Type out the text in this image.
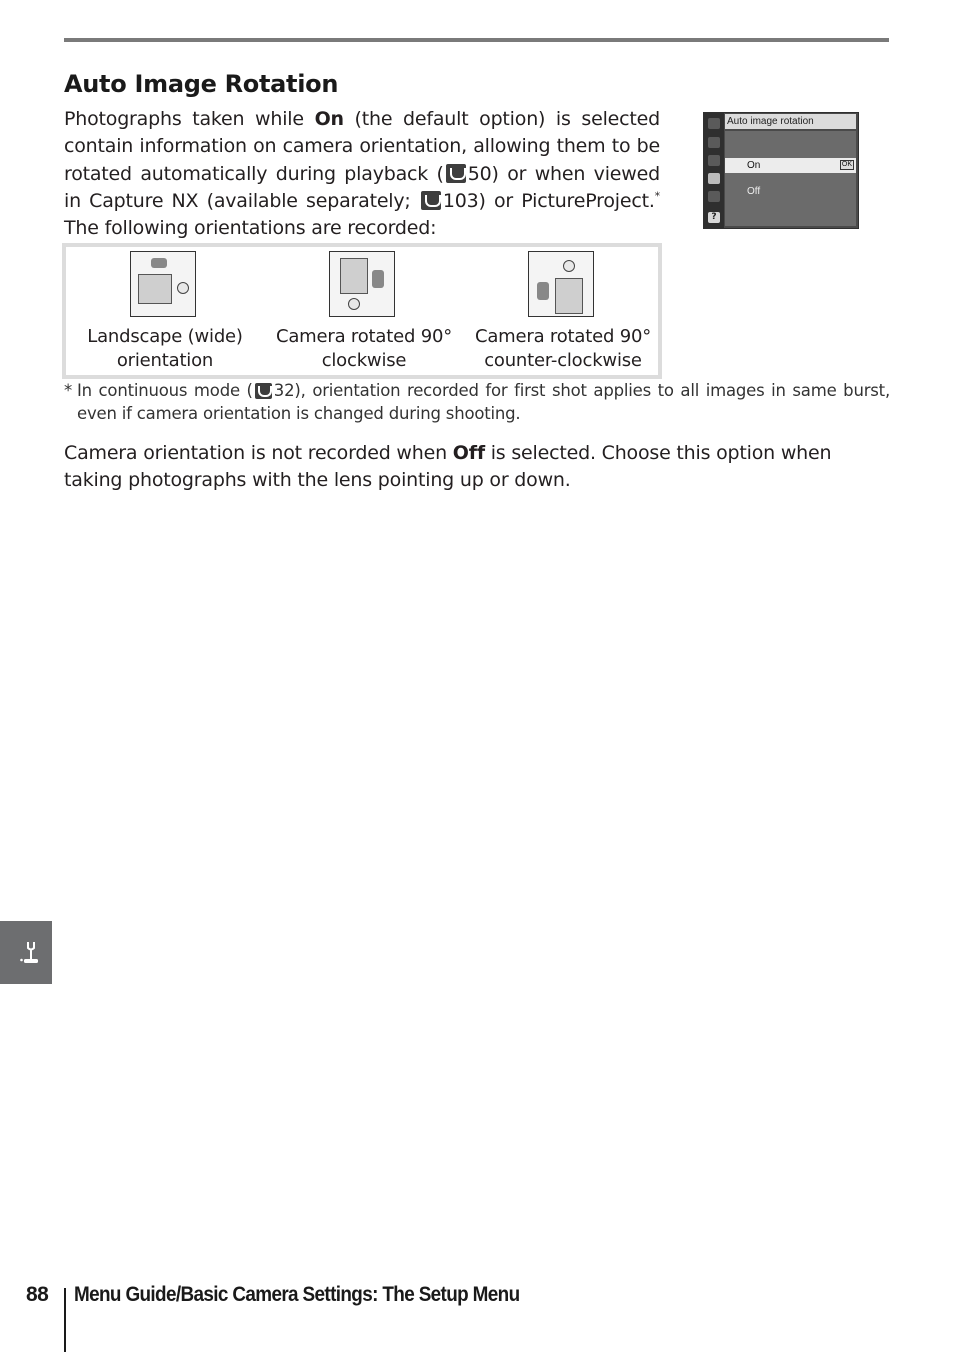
Auto Image Rotation

Photographs taken while On (the default option) is selected contain information on camera orientation, allowing them to be rotated automatically during playback ( 50) or when viewed in Capture NX (available separately; 103) or PictureProject.* The following orientations are recorded:

?
Auto image rotation
On	OK
Off
Landscape (wide) orientation
Camera rotated 90° clockwise
Camera rotated 90° counter-clockwise
* In continuous mode ( 32), orientation recorded for first shot applies to all images in same burst, even if camera orientation is changed during shooting.

Camera orientation is not recorded when Off is selected. Choose this option when taking photographs with the lens pointing up or down.

88 Menu Guide/Basic Camera Settings: The Setup Menu
